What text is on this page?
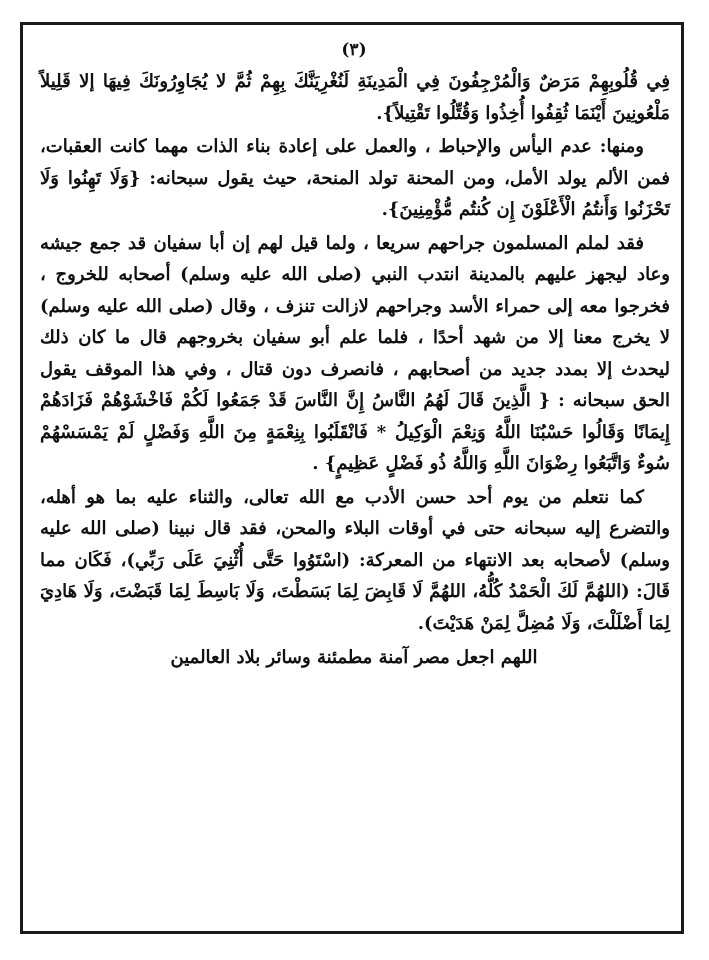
(٣)

فِي قُلُوبِهِمْ مَرَضٌ وَالْمُرْجِفُونَ فِي الْمَدِينَةِ لَنُغْرِيَنَّكَ بِهِمْ ثُمَّ لا يُجَاوِرُونَكَ فِيهَا إلا قَلِيلاً مَلْعُونِينَ أَيْنَمَا ثُقِفُوا أُخِذُوا وَقُتِّلُوا تَقْتِيلاً}.

ومنها: عدم اليأس والإحباط ، والعمل على إعادة بناء الذات مهما كانت العقبات، فمن الألم يولد الأمل، ومن المحنة تولد المنحة، حيث يقول سبحانه: {وَلَا تَهِنُوا وَلَا تَحْزَنُوا وَأَنتُمُ الْأَعْلَوْنَ إِن كُنتُم مُّؤْمِنِينَ}.

فقد لملم المسلمون جراحهم سريعا ، ولما قيل لهم إن أبا سفيان قد جمع جيشه وعاد ليجهز عليهم بالمدينة انتدب النبي (صلى الله عليه وسلم) أصحابه للخروج ، فخرجوا معه إلى حمراء الأسد وجراحهم لازالت تنزف ، وقال (صلى الله عليه وسلم) لا يخرج معنا إلا من شهد أحدًا ، فلما علم أبو سفيان بخروجهم قال ما كان ذلك ليحدث إلا بمدد جديد من أصحابهم ، فانصرف دون قتال ، وفي هذا الموقف يقول الحق سبحانه : { الَّذِينَ قَالَ لَهُمُ النَّاسُ إِنَّ النَّاسَ قَدْ جَمَعُوا لَكُمْ فَاخْشَوْهُمْ فَزَادَهُمْ إِيمَانًا وَقَالُوا حَسْبُنَا اللَّهُ وَنِعْمَ الْوَكِيلُ * فَانْقَلَبُوا بِنِعْمَةٍ مِنَ اللَّهِ وَفَضْلٍ لَمْ يَمْسَسْهُمْ سُوءٌ وَاتَّبَعُوا رِضْوَانَ اللَّهِ وَاللَّهُ ذُو فَضْلٍ عَظِيمٍ} .

كما نتعلم من يوم أحد حسن الأدب مع الله تعالى، والثناء عليه بما هو أهله، والتضرع إليه سبحانه حتى في أوقات البلاء والمحن، فقد قال نبينا (صلى الله عليه وسلم) لأصحابه بعد الانتهاء من المعركة: (اسْتَوُوا حَتَّى أُثْنِيَ عَلَى رَبِّي)، فَكَان مما قَالَ: (اللهُمَّ لَكَ الْحَمْدُ كُلُّهُ، اللهُمَّ لَا قَابِضَ لِمَا بَسَطْتَ، وَلَا بَاسِطَ لِمَا قَبَضْتَ، وَلَا هَادِيَ لِمَا أَضْلَلْتَ، وَلَا مُضِلَّ لِمَنْ هَدَيْتَ).

اللهم اجعل مصر آمنة مطمئنة وسائر بلاد العالمين
